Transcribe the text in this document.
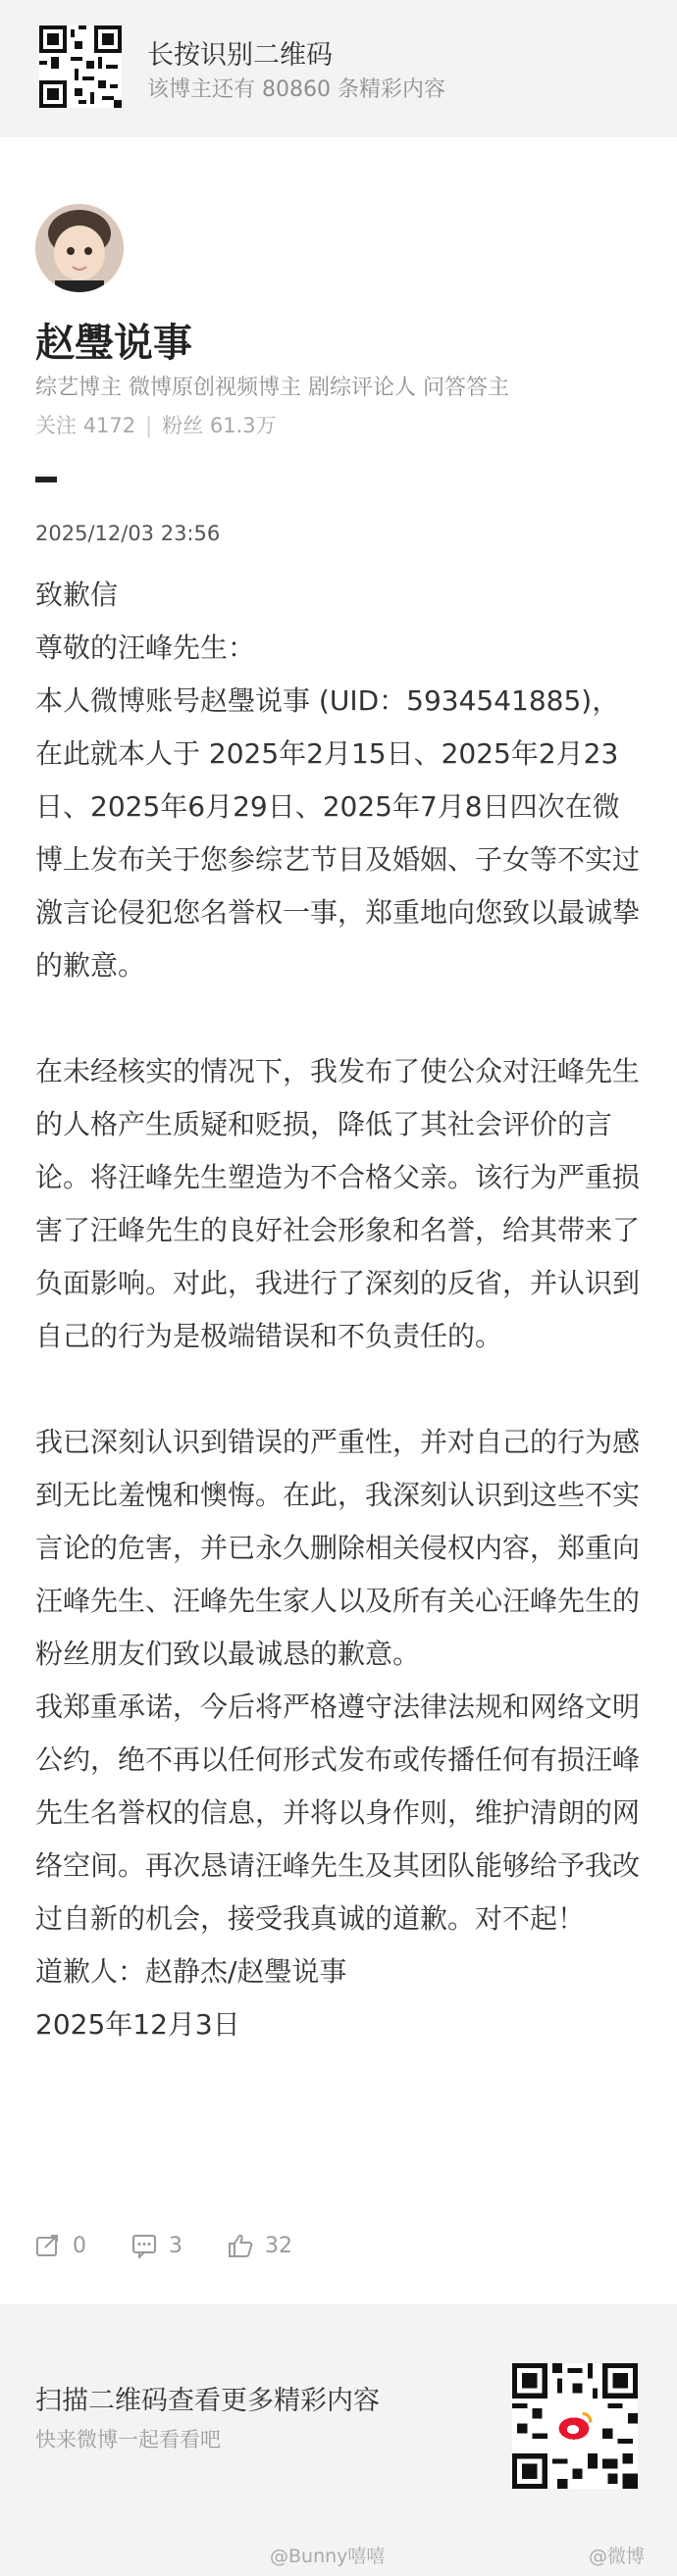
长按识别二维码
该博主还有 80860 条精彩内容
赵璺说事
综艺博主 微博原创视频博主 剧综评论人 问答答主
关注 4172 | 粉丝 61.3万
2025/12/03 23:56

致歉信

尊敬的汪峰先生：

本人微博账号赵璺说事 (UID：5934541885)，在此就本人于 2025年2月15日、2025年2月23日、2025年6月29日、2025年7月8日四次在微博上发布关于您参综艺节目及婚姻、子女等不实过激言论侵犯您名誉权一事，郑重地向您致以最诚挚的歉意。

在未经核实的情况下，我发布了使公众对汪峰先生的人格产生质疑和贬损，降低了其社会评价的言论。将汪峰先生塑造为不合格父亲。该行为严重损害了汪峰先生的良好社会形象和名誉，给其带来了负面影响。对此，我进行了深刻的反省，并认识到自己的行为是极端错误和不负责任的。

我已深刻认识到错误的严重性，并对自己的行为感到无比羞愧和懊悔。在此，我深刻认识到这些不实言论的危害，并已永久删除相关侵权内容，郑重向汪峰先生、汪峰先生家人以及所有关心汪峰先生的粉丝朋友们致以最诚恳的歉意。

我郑重承诺，今后将严格遵守法律法规和网络文明公约，绝不再以任何形式发布或传播任何有损汪峰先生名誉权的信息，并将以身作则，维护清朗的网络空间。再次恳请汪峰先生及其团队能够给予我改过自新的机会，接受我真诚的道歉。对不起！

道歉人：赵静杰/赵璺说事

2025年12月3日

0	3	32
扫描二维码查看更多精彩内容
快来微博一起看看吧
@Bunny嘻嘻	@微博
